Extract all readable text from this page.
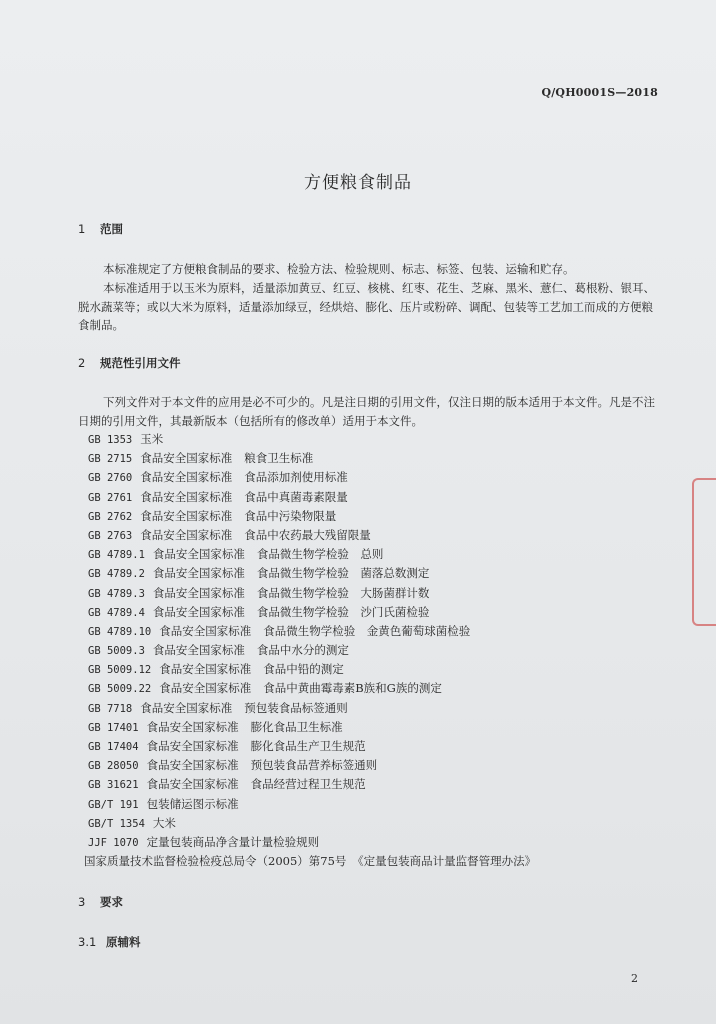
Q/QH0001S—2018
方便粮食制品
1 范围
本标准规定了方便粮食制品的要求、检验方法、检验规则、标志、标签、包装、运输和贮存。
本标准适用于以玉米为原料，适量添加黄豆、红豆、核桃、红枣、花生、芝麻、黑米、薏仁、葛根粉、银耳、脱水蔬菜等；或以大米为原料，适量添加绿豆，经烘焙、膨化、压片或粉碎、调配、包装等工艺加工而成的方便粮食制品。
2 规范性引用文件
下列文件对于本文件的应用是必不可少的。凡是注日期的引用文件，仅注日期的版本适用于本文件。凡是不注日期的引用文件，其最新版本（包括所有的修改单）适用于本文件。
GB 1353 玉米
GB 2715 食品安全国家标准 粮食卫生标准
GB 2760 食品安全国家标准 食品添加剂使用标准
GB 2761 食品安全国家标准 食品中真菌毒素限量
GB 2762 食品安全国家标准 食品中污染物限量
GB 2763 食品安全国家标准 食品中农药最大残留限量
GB 4789.1 食品安全国家标准 食品微生物学检验　总则
GB 4789.2 食品安全国家标准 食品微生物学检验　菌落总数测定
GB 4789.3 食品安全国家标准 食品微生物学检验　大肠菌群计数
GB 4789.4 食品安全国家标准 食品微生物学检验　沙门氏菌检验
GB 4789.10 食品安全国家标准 食品微生物学检验　金黄色葡萄球菌检验
GB 5009.3 食品安全国家标准 食品中水分的测定
GB 5009.12 食品安全国家标准 食品中铅的测定
GB 5009.22 食品安全国家标准 食品中黄曲霉毒素B族和G族的测定
GB 7718 食品安全国家标准 预包装食品标签通则
GB 17401 食品安全国家标准 膨化食品卫生标准
GB 17404 食品安全国家标准 膨化食品生产卫生规范
GB 28050 食品安全国家标准 预包装食品营养标签通则
GB 31621 食品安全国家标准 食品经营过程卫生规范
GB/T 191 包装储运图示标准
GB/T 1354 大米
JJF 1070 定量包装商品净含量计量检验规则
国家质量技术监督检验检疫总局令（2005）第75号　《定量包装商品计量监督管理办法》
3 要求
3.1 原辅料
2
